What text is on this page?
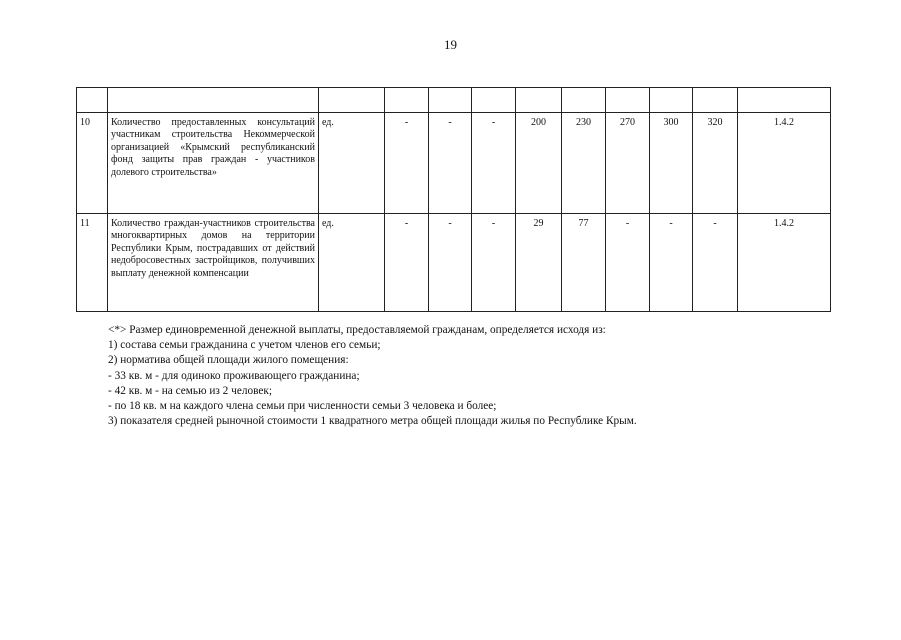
19

10	Количество предоставленных консультаций участникам строительства Некоммерческой организацией «Крымский республиканский фонд защиты прав граждан - участников долевого строительства»	ед.	-	-	-	200	230	270	300	320	1.4.2
11	Количество граждан-участников строительства многоквартирных домов на территории Республики Крым, пострадавших от действий недобросовестных застройщиков, получивших выплату денежной компенсации	ед.	-	-	-	29	77	-	-	-	1.4.2
<*> Размер единовременной денежной выплаты, предоставляемой гражданам, определяется исходя из:
1) состава семьи гражданина с учетом членов его семьи;
2) норматива общей площади жилого помещения:
- 33 кв. м - для одиноко проживающего гражданина;
- 42 кв. м - на семью из 2 человек;
- по 18 кв. м на каждого члена семьи при численности семьи 3 человека и более;
3) показателя средней рыночной стоимости 1 квадратного метра общей площади жилья по Республике Крым.
